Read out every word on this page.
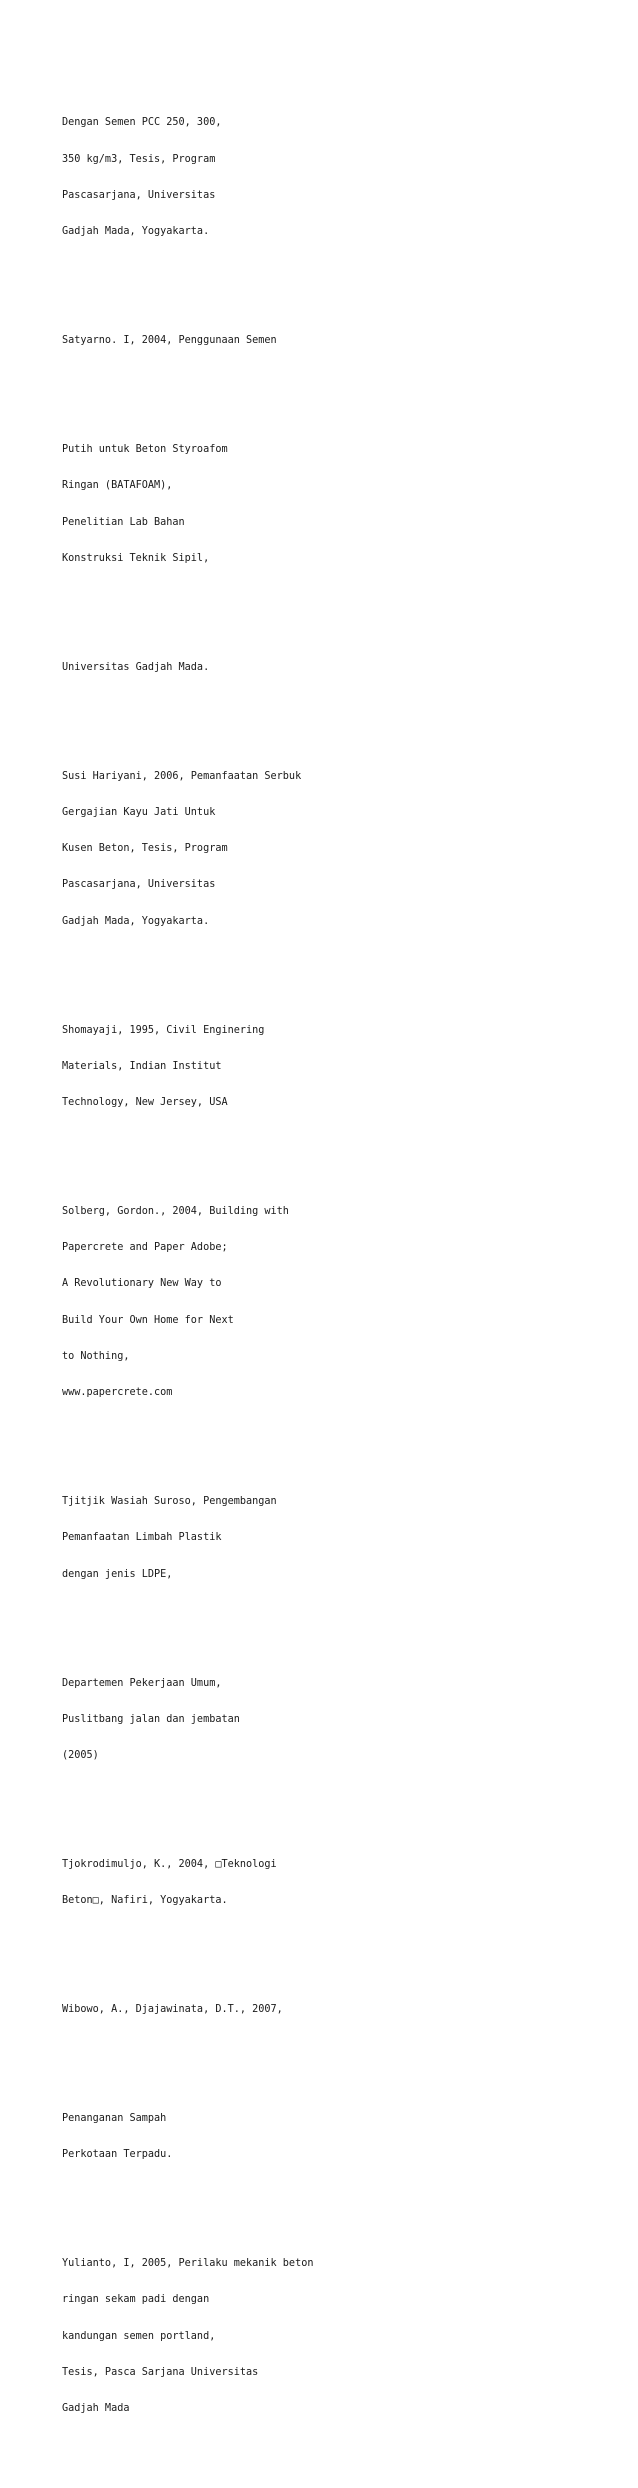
Dengan Semen PCC 250, 300,

350 kg/m3, Tesis, Program

Pascasarjana, Universitas

Gadjah Mada, Yogyakarta.

Satyarno. I, 2004, Penggunaan Semen

Putih untuk Beton Styroafom

Ringan (BATAFOAM),

Penelitian Lab Bahan

Konstruksi Teknik Sipil,

Universitas Gadjah Mada.

Susi Hariyani, 2006, Pemanfaatan Serbuk

Gergajian Kayu Jati Untuk

Kusen Beton, Tesis, Program

Pascasarjana, Universitas

Gadjah Mada, Yogyakarta.

Shomayaji, 1995, Civil Enginering

Materials, Indian Institut

Technology, New Jersey, USA

Solberg, Gordon., 2004, Building with

Papercrete and Paper Adobe;

A Revolutionary New Way to

Build Your Own Home for Next

to Nothing,

www.papercrete.com

Tjitjik Wasiah Suroso, Pengembangan

Pemanfaatan Limbah Plastik

dengan jenis LDPE,

Departemen Pekerjaan Umum,

Puslitbang jalan dan jembatan

(2005)

Tjokrodimuljo, K., 2004, □Teknologi

Beton□, Nafiri, Yogyakarta.

Wibowo, A., Djajawinata, D.T., 2007,

Penanganan Sampah

Perkotaan Terpadu.

Yulianto, I, 2005, Perilaku mekanik beton

ringan sekam padi dengan

kandungan semen portland,

Tesis, Pasca Sarjana Universitas

Gadjah Mada
